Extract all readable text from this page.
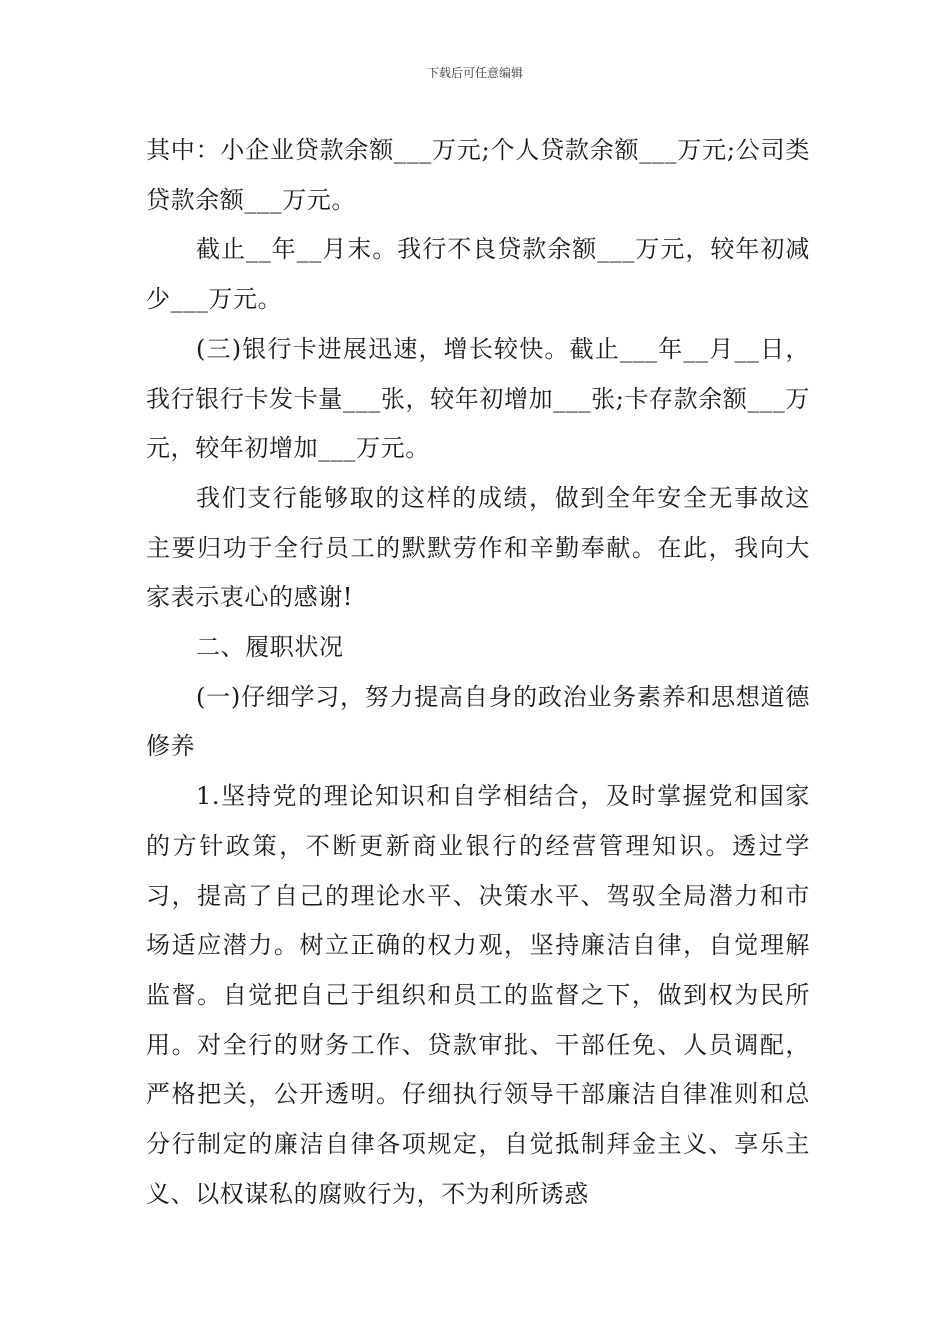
下载后可任意编辑

其中：小企业贷款余额___万元;个人贷款余额___万元;公司类贷款余额___万元。

截止__年__月末。我行不良贷款余额___万元，较年初减少___万元。

(三)银行卡进展迅速，增长较快。截止___年__月__日，我行银行卡发卡量___张，较年初增加___张;卡存款余额___万元，较年初增加___万元。

我们支行能够取的这样的成绩，做到全年安全无事故这主要归功于全行员工的默默劳作和辛勤奉献。在此，我向大家表示衷心的感谢!

二、履职状况

(一)仔细学习，努力提高自身的政治业务素养和思想道德修养

1.坚持党的理论知识和自学相结合，及时掌握党和国家的方针政策，不断更新商业银行的经营管理知识。透过学习，提高了自己的理论水平、决策水平、驾驭全局潜力和市场适应潜力。树立正确的权力观，坚持廉洁自律，自觉理解监督。自觉把自己于组织和员工的监督之下，做到权为民所用。对全行的财务工作、贷款审批、干部任免、人员调配，严格把关，公开透明。仔细执行领导干部廉洁自律准则和总分行制定的廉洁自律各项规定，自觉抵制拜金主义、享乐主义、以权谋私的腐败行为，不为利所诱惑
